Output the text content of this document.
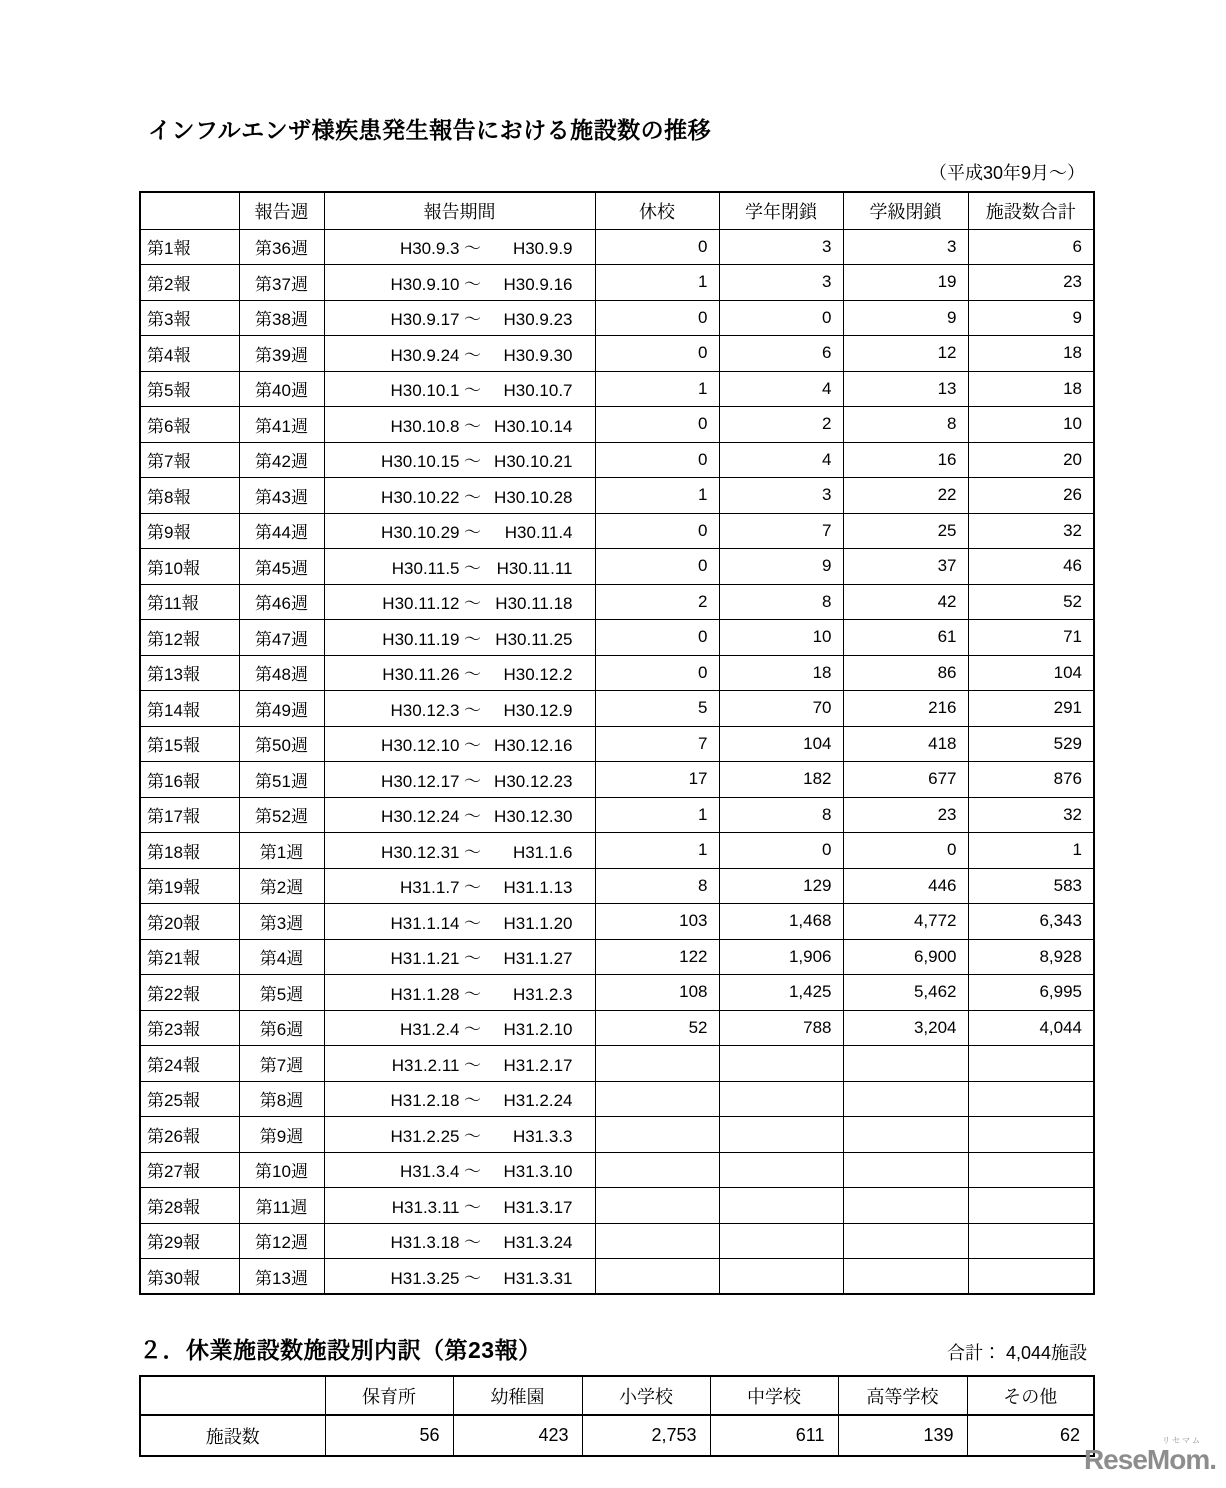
インフルエンザ様疾患発生報告における施設数の推移
（平成30年9月～）
	報告週	報告期間	休校	学年閉鎖	学級閉鎖	施設数合計
第1報	第36週	H30.9.3 ～ H30.9.9	0	3	3	6
第2報	第37週	H30.9.10 ～ H30.9.16	1	3	19	23
第3報	第38週	H30.9.17 ～ H30.9.23	0	0	9	9
第4報	第39週	H30.9.24 ～ H30.9.30	0	6	12	18
第5報	第40週	H30.10.1 ～ H30.10.7	1	4	13	18
第6報	第41週	H30.10.8 ～ H30.10.14	0	2	8	10
第7報	第42週	H30.10.15 ～ H30.10.21	0	4	16	20
第8報	第43週	H30.10.22 ～ H30.10.28	1	3	22	26
第9報	第44週	H30.10.29 ～ H30.11.4	0	7	25	32
第10報	第45週	H30.11.5 ～ H30.11.11	0	9	37	46
第11報	第46週	H30.11.12 ～ H30.11.18	2	8	42	52
第12報	第47週	H30.11.19 ～ H30.11.25	0	10	61	71
第13報	第48週	H30.11.26 ～ H30.12.2	0	18	86	104
第14報	第49週	H30.12.3 ～ H30.12.9	5	70	216	291
第15報	第50週	H30.12.10 ～ H30.12.16	7	104	418	529
第16報	第51週	H30.12.17 ～ H30.12.23	17	182	677	876
第17報	第52週	H30.12.24 ～ H30.12.30	1	8	23	32
第18報	第1週	H30.12.31 ～ H31.1.6	1	0	0	1
第19報	第2週	H31.1.7 ～ H31.1.13	8	129	446	583
第20報	第3週	H31.1.14 ～ H31.1.20	103	1,468	4,772	6,343
第21報	第4週	H31.1.21 ～ H31.1.27	122	1,906	6,900	8,928
第22報	第5週	H31.1.28 ～ H31.2.3	108	1,425	5,462	6,995
第23報	第6週	H31.2.4 ～ H31.2.10	52	788	3,204	4,044
第24報	第7週	H31.2.11 ～ H31.2.17				
第25報	第8週	H31.2.18 ～ H31.2.24				
第26報	第9週	H31.2.25 ～ H31.3.3				
第27報	第10週	H31.3.4 ～ H31.3.10				
第28報	第11週	H31.3.11 ～ H31.3.17				
第29報	第12週	H31.3.18 ～ H31.3.24				
第30報	第13週	H31.3.25 ～ H31.3.31				
２．休業施設数施設別内訳（第23報）	合計： 4,044施設
	保育所	幼稚園	小学校	中学校	高等学校	その他
施設数	56	423	2,753	611	139	62	リセマム
ReseMom.
